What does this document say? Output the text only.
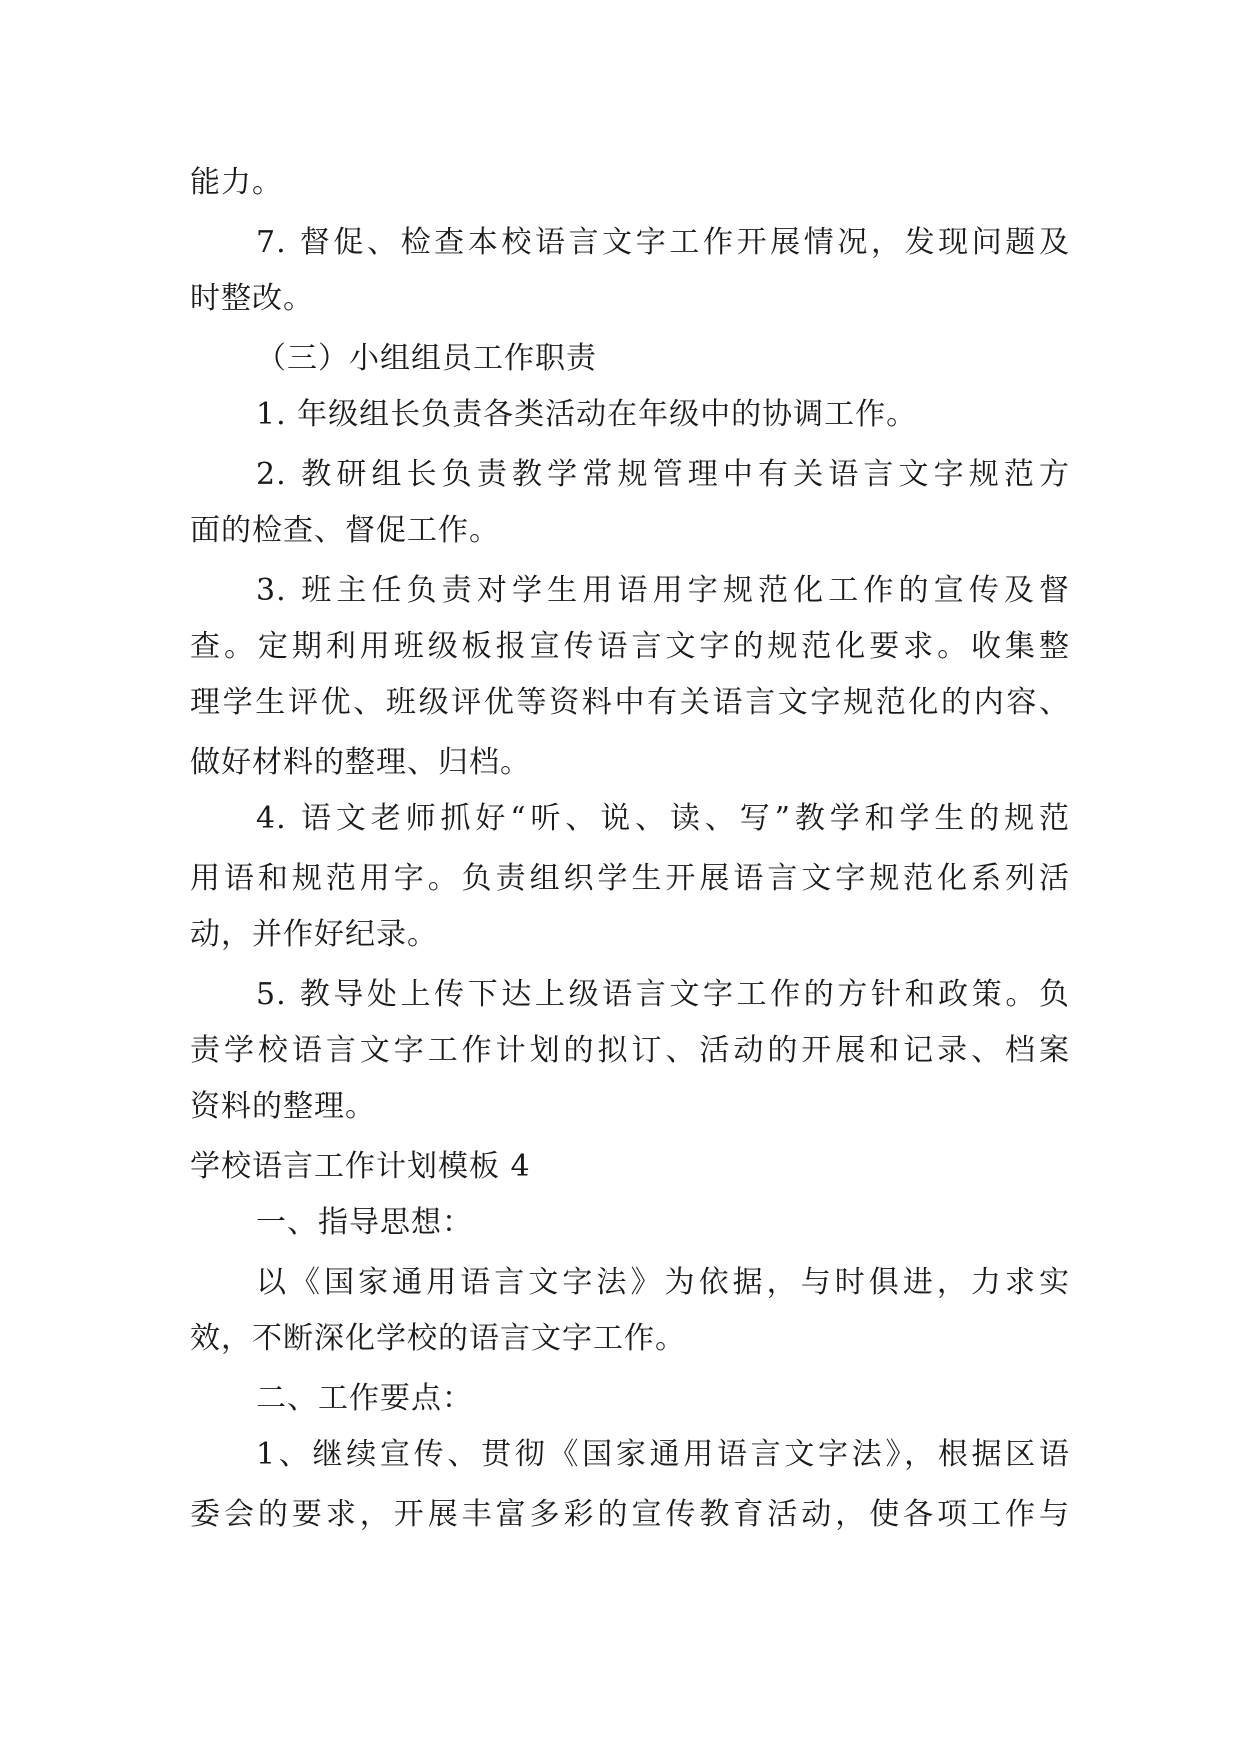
能力。
7. 督促、检查本校语言文字工作开展情况，发现问题及
时整改。
（三）小组组员工作职责
1. 年级组长负责各类活动在年级中的协调工作。
2. 教研组长负责教学常规管理中有关语言文字规范方
面的检查、督促工作。
3. 班主任负责对学生用语用字规范化工作的宣传及督
查。定期利用班级板报宣传语言文字的规范化要求。收集整
理学生评优、班级评优等资料中有关语言文字规范化的内容、
做好材料的整理、归档。
4. 语文老师抓好“听、说、读、写”教学和学生的规范
用语和规范用字。负责组织学生开展语言文字规范化系列活
动，并作好纪录。
5. 教导处上传下达上级语言文字工作的方针和政策。负
责学校语言文字工作计划的拟订、活动的开展和记录、档案
资料的整理。
学校语言工作计划模板 4
一、指导思想：
以《国家通用语言文字法》为依据，与时俱进，力求实
效，不断深化学校的语言文字工作。
二、工作要点：
1、继续宣传、贯彻《国家通用语言文字法》，根据区语
委会的要求，开展丰富多彩的宣传教育活动，使各项工作与
